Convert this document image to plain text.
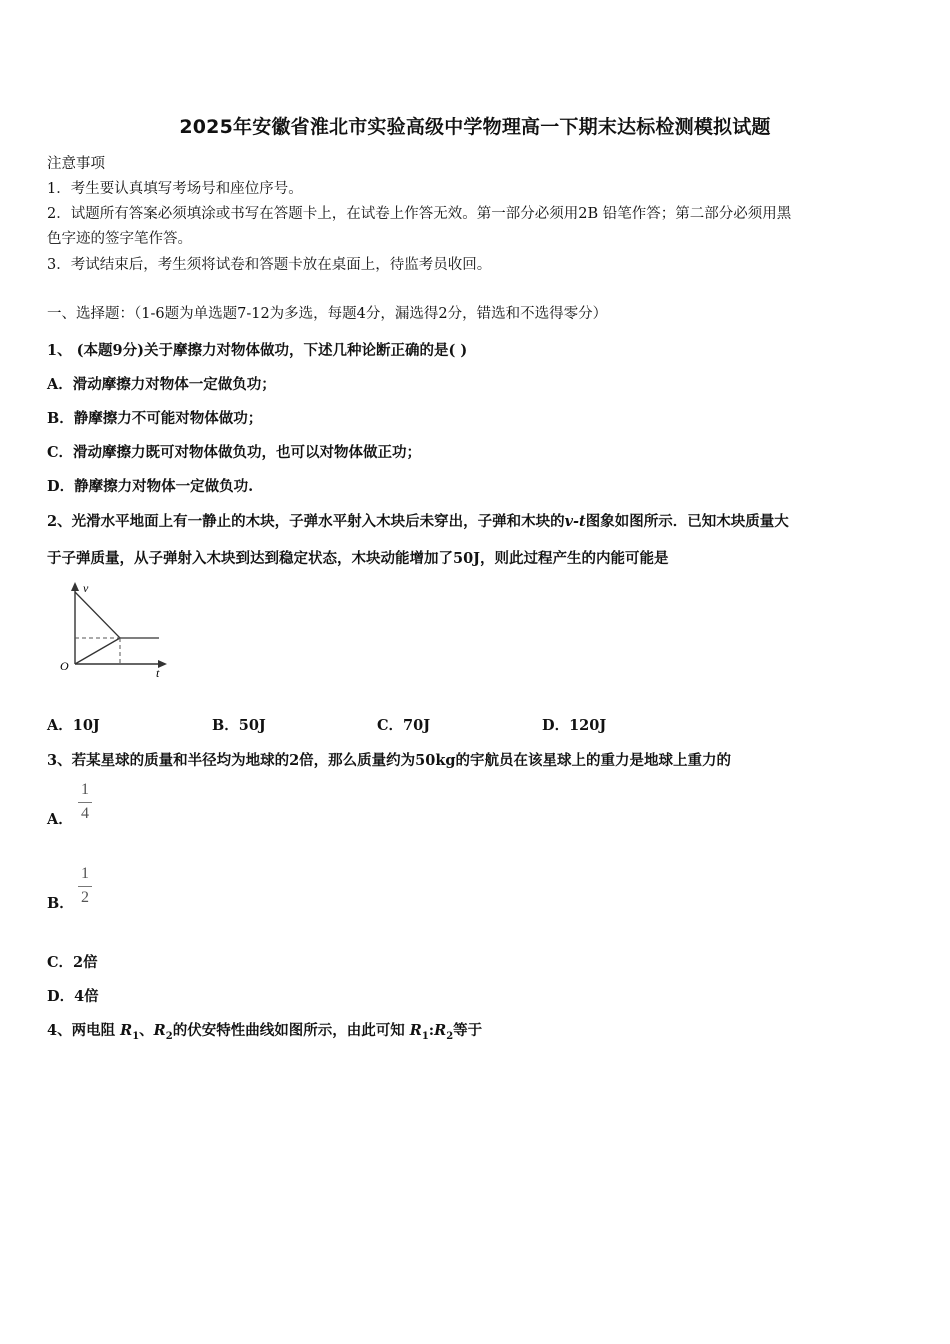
2025年安徽省淮北市实验高级中学物理高一下期末达标检测模拟试题
注意事项
1．考生要认真填写考场号和座位序号。
2．试题所有答案必须填涂或书写在答题卡上，在试卷上作答无效。第一部分必须用2B 铅笔作答；第二部分必须用黑
色字迹的签字笔作答。
3．考试结束后，考生须将试卷和答题卡放在桌面上，待监考员收回。
一、选择题：（1-6题为单选题7-12为多选，每题4分，漏选得2分，错选和不选得零分）
1、 (本题9分)关于摩擦力对物体做功，下述几种论断正确的是( )
A．滑动摩擦力对物体一定做负功；
B．静摩擦力不可能对物体做功；
C．滑动摩擦力既可对物体做负功，也可以对物体做正功；
D．静摩擦力对物体一定做负功.
2、光滑水平地面上有一静止的木块，子弹水平射入木块后未穿出，子弹和木块的v-t图象如图所示．已知木块质量大
于子弹质量，从子弹射入木块到达到稳定状态，木块动能增加了50J，则此过程产生的内能可能是
v
t
O
A．10J	B．50J	C．70J	D．120J
3、若某星球的质量和半径均为地球的2倍，那么质量约为50kg的宇航员在该星球上的重力是地球上重力的
A．
1
4
B．
1
2
C．2倍
D．4倍
4、两电阻 $R_1$、$R_2$的伏安特性曲线如图所示，由此可知 $R_1:R_2$等于
